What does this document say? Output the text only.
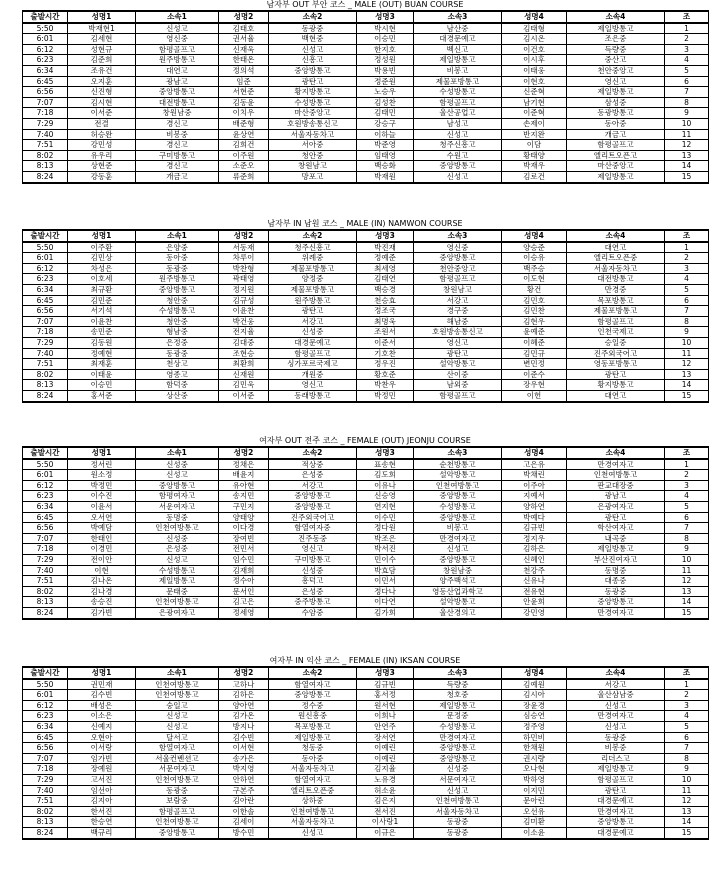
남자부 OUT 부안 코스 _ MALE (OUT) BUAN COURSE
출발시간	성명1	소속1	성명2	소속2	성명3	소속3	성명4	소속4	조
5:50	박재현1	신성고	김태호	동광중	박시현	남산중	김태형	제일방통고	1
6:01	김세현	영신중	권서율	백현중	이승민	대경문예고	김시온	조은중	2
6:12	성현규	함평골프고	신재욱	신성고	한지호	벡신고	이건호	득량중	3
6:23	김준희	원주방통고	한태온	신흥고	정성원	제일방통고	이시후	중산고	4
6:34	조유건	대연고	정의석	중앙방통고	박용빈	비봉고	이태웅	천안중앙고	5
6:45	오지훈	광남고	임준	광탄고	정준원	제물포방통고	이현호	영신고	6
6:56	신진형	중앙방통고	서현준	황지방통고	노승우	수성방통고	신준혁	제일방통고	7
7:07	김시현	대전방통고	김동윤	수성방통고	김성찬	함평골프고	남기현	삼성중	8
7:18	이서준	창원남중	이치우	마산중앙고	김태민	울산공업고	이준혁	동광방통고	9
7:29	전결	경신고	배준형	호원방송통신고	강승구	남성고	손제이	동아중	10
7:40	허승완	비봉중	윤상연	서울자동차고	이하늘	신성고	반지완	개금고	11
7:51	강민성	경신고	김희건	서아중	박준영	청주신흥고	이담	함평골프고	12
8:02	유우리	구미방통고	이주원	청안중	임태영	수원고	황태양	엘리트오픈고	13
8:13	상현준	경신고	소준오	창원남고	백승화	중앙방통고	박재우	마산중앙고	14
8:24	강동훈	개금고	류준희	망포고	박재원	신성고	김로건	제일방통고	15
남자부 IN 남원 코스 _ MALE (IN) NAMWON COURSE
출발시간	성명1	소속1	성명2	소속2	성명3	소속3	성명4	소속4	조
5:50	이주환	은양중	서동재	청주신흥고	박진재	영신중	양승준	대연고	1
6:01	김민상	동아중	차루이	위례중	정예준	중앙방통고	이승유	엘리트오픈중	2
6:12	차성은	동광중	박찬형	제물포방통고	최세영	천안중앙고	백주승	서울자동차고	3
6:23	이호세	원주방통고	곽태영	양정중	김태연	함평골프고	이도현	대전방통고	4
6:34	최규환	중앙방통고	정지원	제물포방통고	백승경	창원남고	황건	만경중	5
6:45	김민준	청안중	김규성	원주방통고	천승효	서강고	김민호	목포방통고	6
6:56	서기석	수성방통고	이윤찬	광탄고	정조국	경구중	김민찬	제물포방통고	7
7:07	이윤찬	청안중	박건웅	서강고	최명욱	해남중	김현우	함평골프고	8
7:18	송민준	형남중	전지율	신성중	조원서	호원방송통신고	윤예준	인천국제고	9
7:29	김동원	은정중	김대중	대경문예고	이준서	영신고	이혜준	승일중	10
7:40	정예현	동광중	조현승	함평골프고	기호찬	광탄고	김민규	진주외국어고	11
7:51	최재훈	천상고	최환희	싱가포르국제고	정우진	설악방통고	변민정	영동포방통고	12
8:02	이태윤	영종고	신재원	개원중	황호준	산이중	이준수	광탄고	13
8:13	이승민	함덕중	김민욱	영신고	박찬우	남외중	장우현	황지방통고	14
8:24	홍서준	상산중	이서준	동래방통고	박정민	함평골프고	이헌	대연고	15
여자부 OUT 전주 코스 _ FEMALE (OUT) JEONJU COURSE
출발시간	성명1	소속1	성명2	소속2	성명3	소속3	성명4	소속4	조
5:50	정서린	신성중	정채은	적상중	표송현	순천방통고	고은유	만경여자고	1
6:01	원소정	신성고	배윤지	은성중	김도희	설악방통고	박채린	인천여방통고	2
6:12	박정민	중앙방통고	유아현	서강고	이유나	인천여방통고	이주아	판교대장중	3
6:23	이수진	함평여자고	송지민	중앙방통고	신승영	중앙방통고	지예서	광남고	4
6:34	이윤서	서운여자고	구민지	중앙방통고	연지현	수성방통고	양하연	은광여자고	5
6:45	오서연	동명중	양태양	진주외국어고	이수민	중앙방통고	박예다	광탄고	6
6:56	박예담	인천여방통고	이다경	함열여자중	정다원	비봉고	김규빈	학산여자고	7
7:07	한태인	신성중	장여빈	진주동중	박조은	만경여자고	정지우	내곡중	8
7:18	이경민	은성중	전민서	영신고	박서진	신성고	김하은	제일방통고	9
7:29	전이안	신성고	임수민	구미방통고	민이수	중앙방통고	신혜인	부산진여자고	10
7:40	이현	수성방통고	김재희	신성중	박효담	창원남중	천강주	동명중	11
7:51	김나온	제일방통고	정수아	흥덕고	이민서	양주백석고	신유나	대종중	12
8:02	김나경	문태중	문서인	은성중	정다나	영동산업과학고	전유현	동광중	13
8:13	송승진	인천여방통고	김고은	중주방통고	이다연	설악방통고	안윤희	중앙방통고	14
8:24	김가빈	은광여자고	정세영	수암중	김가희	울산경의고	강민영	만경여자고	15
여자부 IN 익산 코스 _ FEMALE (IN) IKSAN COURSE
출발시간	성명1	소속1	성명2	소속2	성명3	소속3	성명4	소속4	조
5:50	권민재	인천여방통고	고하나	함열여자고	김규빈	득량중	김예원	서강고	1
6:01	김수빈	인천여방통고	김하은	중앙방통고	홍서정	청호중	김시아	울산삼남중	2
6:12	배성은	숭일고	양아연	정수중	원서현	제일방통고	장윤경	신성고	3
6:23	이소은	신성고	김가온	원신흥중	이희나	문정중	심승연	만경여자고	4
6:34	신예지	신성고	방지나	목포방통고	안연주	수성방통고	정주영	신성고	5
6:45	오현아	달서고	김수빈	제일방통고	장서연	만경여자고	하민비	동광중	6
6:56	이서랑	함열여자고	이서현	청동중	이예린	중앙방통고	한채원	비봉중	7
7:07	임가빈	서울컨벤션고	송가은	동아중	이예린	중앙방통고	권시량	리더스고	8
7:18	장예원	서문여자고	박지영	서울자동차고	김지율	신성중	오나현	제일방통고	9
7:29	고서진	인천여방통고	안하연	함열여자고	노유경	서문여자고	박하영	함평골프고	10
7:40	임선아	동광중	구본주	엘리트오픈중	허소윤	신성고	이지민	광탄고	11
7:51	김지아	보람중	김아란	상하중	김은지	인천여방통고	문아린	대경문예고	12
8:02	한서진	함평골프고	이한솔	인천여방통고	전서진	서울자동차고	오선유	만경여자고	13
8:13	한승연	인천여방통고	김세이	서울자동차고	이사랑1	동광중	김미환	중앙방통고	14
8:24	백규리	중앙방통고	방수민	신성고	이규은	동광중	이소윤	대경문예고	15
